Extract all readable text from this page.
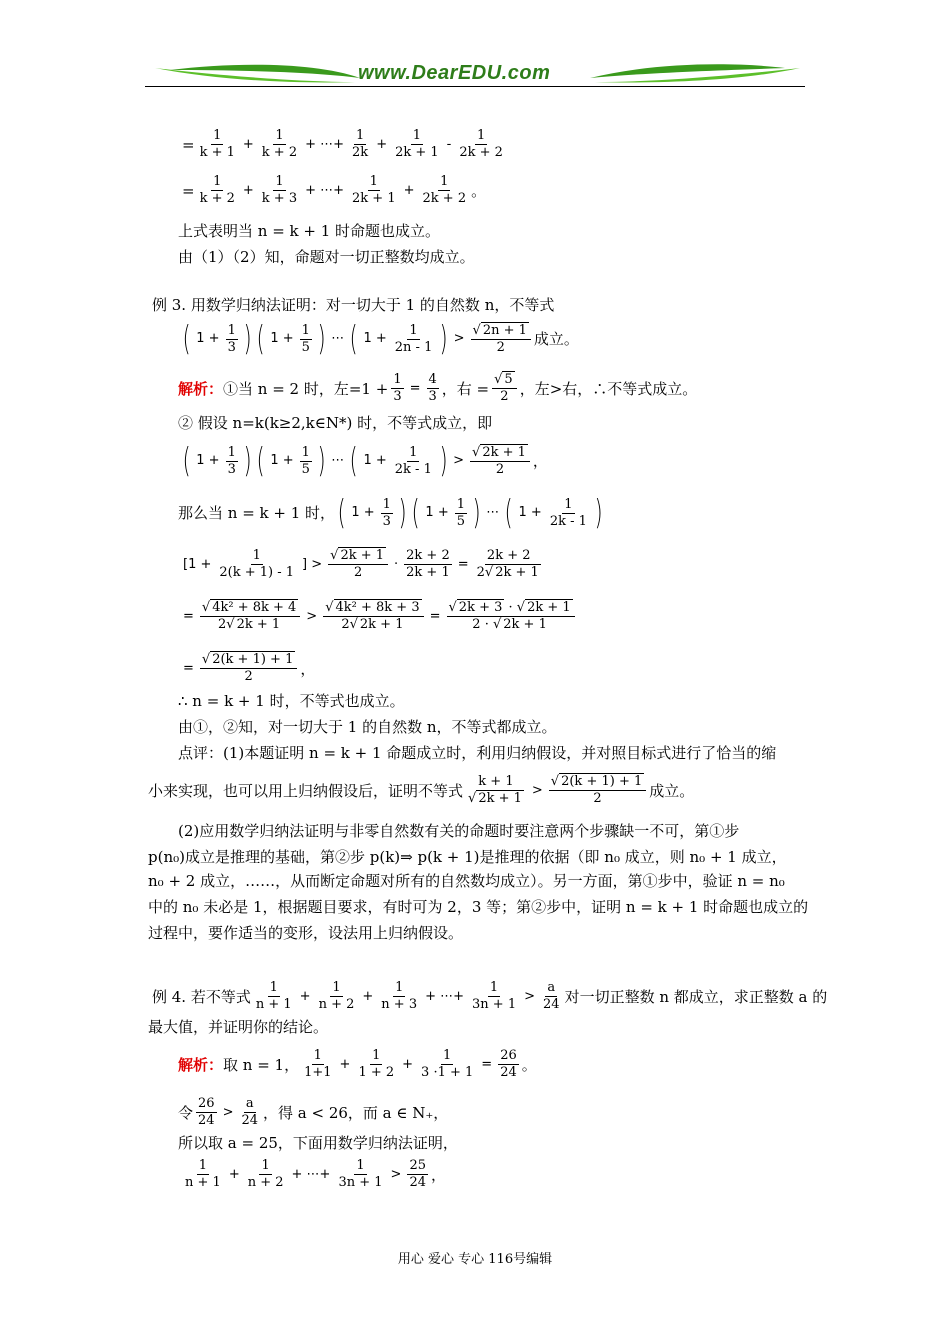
www.DearEDU.com
= $\frac{1}{k + 1} + \frac{1}{k + 2}$ + ⋯+ $\frac{1}{2k} + \frac{1}{2k + 1} - \frac{1}{2k + 2}$
= $\frac{1}{k + 2} + \frac{1}{k + 3}$ + ⋯+ $\frac{1}{2k + 1} + \frac{1}{2k + 2}$ 。
上式表明当 n = k + 1 时命题也成立。
由（1）（2）知，命题对一切正整数均成立。
例 3. 用数学归纳法证明：对一切大于 1 的自然数 n，不等式
( $1 + \frac{1}{3}$ ) ( $1 + \frac{1}{5}$ ) ⋯ ( $1 + \frac{1}{2n - 1}$ ) > $\frac{√ 2n + 1}{2}$ 成立。
解析： ①当 n = 2 时，左$=1 + \frac{1}{3} = \frac{4}{3}$ ，右 = $\frac{√ 5}{2}$ ，左>右，∴不等式成立。
② 假设 n=k(k≥2,k∈N*) 时，不等式成立，即
( $1 + \frac{1}{3}$ ) ( $1 + \frac{1}{5}$ ) ⋯ ( $1 + \frac{1}{2k - 1}$ ) > $\frac{√ 2k + 1}{2}$ ，
那么当 n = k + 1 时， ( $1 + \frac{1}{3}$ ) ( $1 + \frac{1}{5}$ ) ⋯ ( $1 + \frac{1}{2k - 1}$ )
[$1 + \frac{1}{2(k + 1) - 1}$ ] > $\frac{√ 2k + 1}{2} \cdot \frac{2k + 2}{2k + 1} = \frac{2k + 2}{2√ 2k + 1}$
= $\frac{\text{√ 4k² + 8k + 4}}{2√ 2k + 1} > \frac{\text{√ 4k² + 8k + 3}}{2√ 2k + 1} = \frac{√ 2k + 3 \cdot √ 2k + 1}{2 \cdot √ 2k + 1}$
= $\frac{√ 2(k + 1) + 1}{2}$ ，
∴ n = k + 1 时，不等式也成立。
由①，②知，对一切大于 1 的自然数 n，不等式都成立。
点评：(1)本题证明 n = k + 1 命题成立时，利用归纳假设，并对照目标式进行了恰当的缩
小来实现，也可以用上归纳假设后，证明不等式 $\frac{k + 1}{√ 2k + 1} > \frac{√ 2(k + 1) + 1}{2}$ 成立。
(2)应用数学归纳法证明与非零自然数有关的命题时要注意两个步骤缺一不可，第①步
p(n₀)成立是推理的基础，第②步 p(k)⇒ p(k + 1)是推理的依据（即 n₀ 成立，则 n₀ + 1 成立，
n₀ + 2 成立，……，从而断定命题对所有的自然数均成立）。另一方面，第①步中，验证 n = n₀
中的 n₀ 未必是 1，根据题目要求，有时可为 2，3 等；第②步中，证明 n = k + 1 时命题也成立的
过程中，要作适当的变形，设法用上归纳假设。
例 4. 若不等式 $\frac{1}{n + 1} + \frac{1}{n + 2} + \frac{1}{n + 3}$ + ⋯+ $\frac{1}{3n + 1} > \frac{a}{24}$ 对一切正整数 n 都成立，求正整数 a 的
最大值，并证明你的结论。
解析： 取 n = 1， $\frac{1}{1+1} + \frac{1}{1 + 2} + \frac{1}{3 \cdot 1 + 1} = \frac{26}{24}$ 。
令 $\frac{26}{24} > \frac{a}{24}$ ，得 a < 26，而 a ∈ N₊，
所以取 a = 25，下面用数学归纳法证明，
$\frac{1}{n + 1} + \frac{1}{n + 2}$ + ⋯+ $\frac{1}{3n + 1} > \frac{25}{24}$ ，
用心 爱心 专心 116号编辑
